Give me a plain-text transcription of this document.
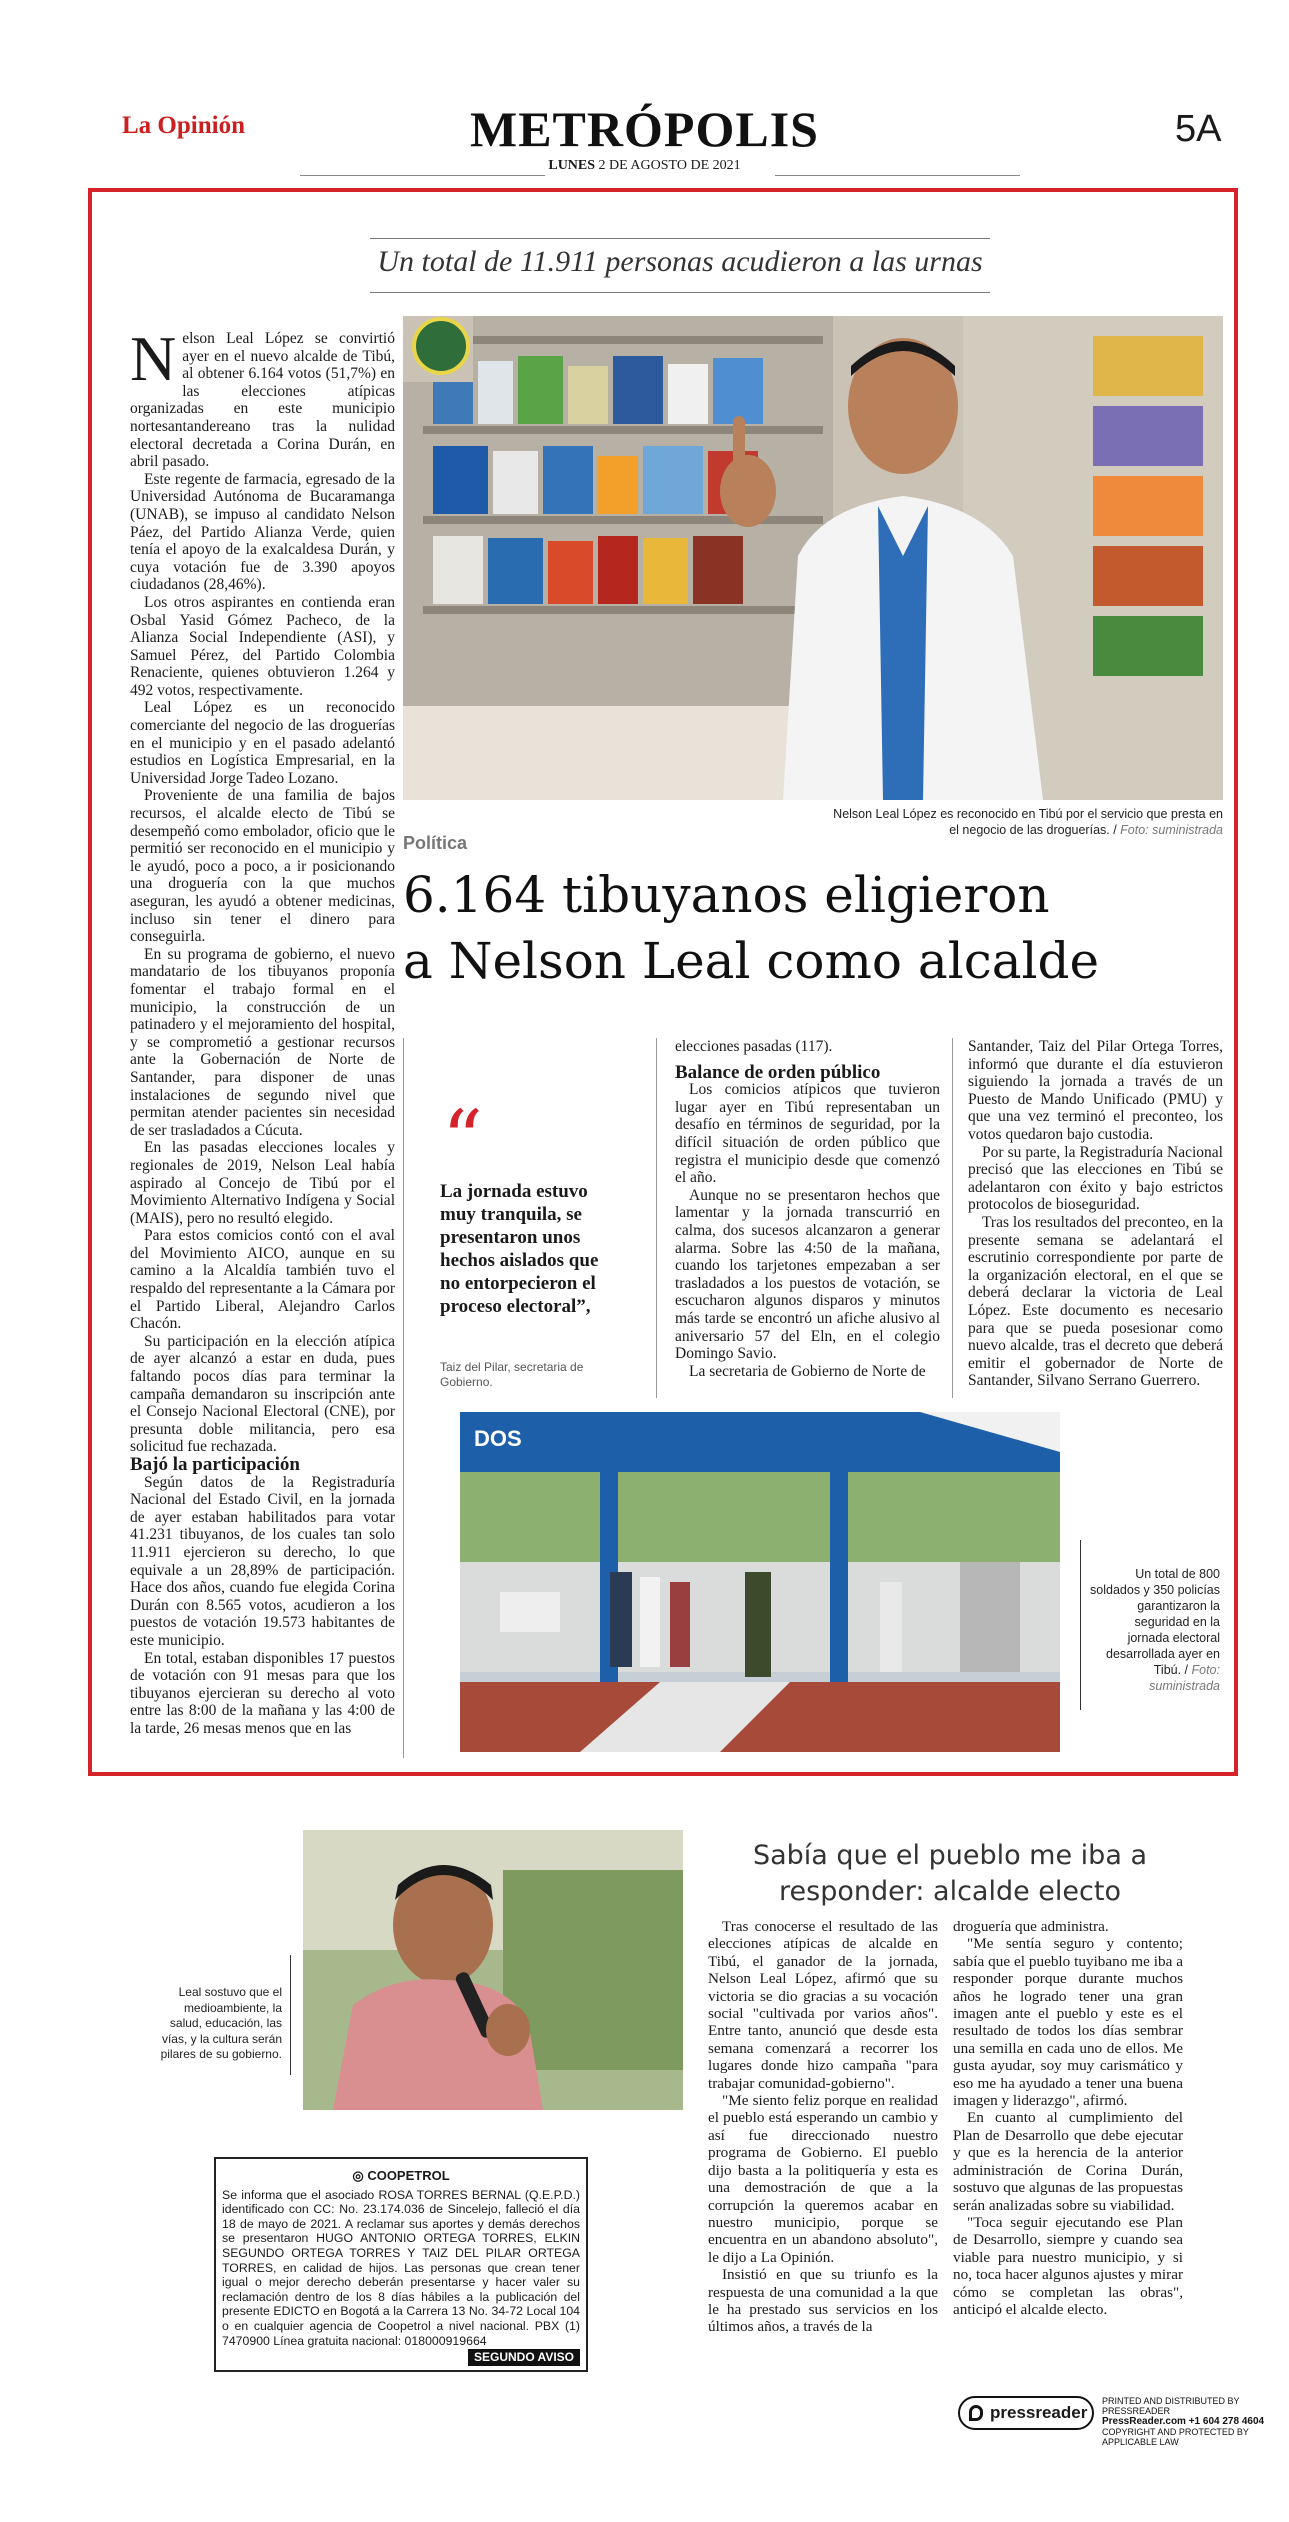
La Opinión	METRÓPOLIS
LUNES 2 DE AGOSTO DE 2021
5A
Un total de 11.911 personas acudieron a las urnas

Nelson Leal López se convirtió ayer en el nuevo alcalde de Tibú, al obtener 6.164 votos (51,7%) en las elecciones atípicas organizadas en este municipio nortesantandereano tras la nulidad electoral decretada a Corina Durán, en abril pasado.

Este regente de farmacia, egresado de la Universidad Autónoma de Bucaramanga (UNAB), se impuso al candidato Nelson Páez, del Partido Alianza Verde, quien tenía el apoyo de la exalcaldesa Durán, y cuya votación fue de 3.390 apoyos ciudadanos (28,46%).

Los otros aspirantes en contienda eran Osbal Yasid Gómez Pacheco, de la Alianza Social Independiente (ASI), y Samuel Pérez, del Partido Colombia Renaciente, quienes obtuvieron 1.264 y 492 votos, respectivamente.

Leal López es un reconocido comerciante del negocio de las droguerías en el municipio y en el pasado adelantó estudios en Logística Empresarial, en la Universidad Jorge Tadeo Lozano.

Proveniente de una familia de bajos recursos, el alcalde electo de Tibú se desempeñó como embolador, oficio que le permitió ser reconocido en el municipio y le ayudó, poco a poco, a ir posicionando una droguería con la que muchos aseguran, les ayudó a obtener medicinas, incluso sin tener el dinero para conseguirla.

En su programa de gobierno, el nuevo mandatario de los tibuyanos proponía fomentar el trabajo formal en el municipio, la construcción de un patinadero y el mejoramiento del hospital, y se comprometió a gestionar recursos ante la Gobernación de Norte de Santander, para disponer de unas instalaciones de segundo nivel que permitan atender pacientes sin necesidad de ser trasladados a Cúcuta.

En las pasadas elecciones locales y regionales de 2019, Nelson Leal había aspirado al Concejo de Tibú por el Movimiento Alternativo Indígena y Social (MAIS), pero no resultó elegido.

Para estos comicios contó con el aval del Movimiento AICO, aunque en su camino a la Alcaldía también tuvo el respaldo del representante a la Cámara por el Partido Liberal, Alejandro Carlos Chacón.

Su participación en la elección atípica de ayer alcanzó a estar en duda, pues faltando pocos días para terminar la campaña demandaron su inscripción ante el Consejo Nacional Electoral (CNE), por presunta doble militancia, pero esa solicitud fue rechazada.

Bajó la participación

Según datos de la Registraduría Nacional del Estado Civil, en la jornada de ayer estaban habilitados para votar 41.231 tibuyanos, de los cuales tan solo 11.911 ejercieron su derecho, lo que equivale a un 28,89% de participación. Hace dos años, cuando fue elegida Corina Durán con 8.565 votos, acudieron a los puestos de votación 19.573 habitantes de este municipio.

En total, estaban disponibles 17 puestos de votación con 91 mesas para que los tibuyanos ejercieran su derecho al voto entre las 8:00 de la mañana y las 4:00 de la tarde, 26 mesas menos que en las

Nelson Leal López es reconocido en Tibú por el servicio que presta en el negocio de las droguerías. / Foto: suministrada
Política
6.164 tibuyanos eligieron
a Nelson Leal como alcalde
“
La jornada estuvo muy tranquila, se presentaron unos hechos aislados que no entorpecieron el proceso electoral”,
Taiz del Pilar, secretaria de Gobierno.

elecciones pasadas (117).

Balance de orden público

Los comicios atípicos que tuvieron lugar ayer en Tibú representaban un desafío en términos de seguridad, por la difícil situación de orden público que registra el municipio desde que comenzó el año.

Aunque no se presentaron hechos que lamentar y la jornada transcurrió en calma, dos sucesos alcanzaron a generar alarma. Sobre las 4:50 de la mañana, cuando los tarjetones empezaban a ser trasladados a los puestos de votación, se escucharon algunos disparos y minutos más tarde se encontró un afiche alusivo al aniversario 57 del Eln, en el colegio Domingo Savio.

La secretaria de Gobierno de Norte de

Santander, Taiz del Pilar Ortega Torres, informó que durante el día estuvieron siguiendo la jornada a través de un Puesto de Mando Unificado (PMU) y que una vez terminó el preconteo, los votos quedaron bajo custodia.

Por su parte, la Registraduría Nacional precisó que las elecciones en Tibú se adelantaron con éxito y bajo estrictos protocolos de bioseguridad.

Tras los resultados del preconteo, en la presente semana se adelantará el escrutinio correspondiente por parte de la organización electoral, en el que se deberá declarar la victoria de Leal López. Este documento es necesario para que se pueda posesionar como nuevo alcalde, tras el decreto que deberá emitir el gobernador de Norte de Santander, Silvano Serrano Guerrero.

DOS
Un total de 800 soldados y 350 policías garantizaron la seguridad en la jornada electoral desarrollada ayer en Tibú. / Foto: suministrada
Leal sostuvo que el medioambiente, la salud, educación, las vías, y la cultura serán pilares de su gobierno.
Sabía que el pueblo me iba a responder: alcalde electo

Tras conocerse el resultado de las elecciones atípicas de alcalde en Tibú, el ganador de la jornada, Nelson Leal López, afirmó que su victoria se dio gracias a su vocación social "cultivada por varios años". Entre tanto, anunció que desde esta semana comenzará a recorrer los lugares donde hizo campaña "para trabajar comunidad-gobierno".

"Me siento feliz porque en realidad el pueblo está esperando un cambio y así fue direccionado nuestro programa de Gobierno. El pueblo dijo basta a la politiquería y esta es una demostración de que a la corrupción la queremos acabar en nuestro municipio, porque se encuentra en un abandono absoluto", le dijo a La Opinión.

Insistió en que su triunfo es la respuesta de una comunidad a la que le ha prestado sus servicios en los últimos años, a través de la

droguería que administra.

"Me sentía seguro y contento; sabía que el pueblo tuyibano me iba a responder porque durante muchos años he logrado tener una gran imagen ante el pueblo y este es el resultado de todos los días sembrar una semilla en cada uno de ellos. Me gusta ayudar, soy muy carismático y eso me ha ayudado a tener una buena imagen y liderazgo", afirmó.

En cuanto al cumplimiento del Plan de Desarrollo que debe ejecutar y que es la herencia de la anterior administración de Corina Durán, sostuvo que algunas de las propuestas serán analizadas sobre su viabilidad.

"Toca seguir ejecutando ese Plan de Desarrollo, siempre y cuando sea viable para nuestro municipio, y si no, toca hacer algunos ajustes y mirar cómo se completan las obras", anticipó el alcalde electo.

◎ COOPETROL
Se informa que el asociado ROSA TORRES BERNAL (Q.E.P.D.) identificado con CC: No. 23.174.036 de Sincelejo, falleció el día 18 de mayo de 2021. A reclamar sus aportes y demás derechos se presentaron HUGO ANTONIO ORTEGA TORRES, ELKIN SEGUNDO ORTEGA TORRES Y TAIZ DEL PILAR ORTEGA TORRES, en calidad de hijos. Las personas que crean tener igual o mejor derecho deberán presentarse y hacer valer su reclamación dentro de los 8 días hábiles a la publicación del presente EDICTO en Bogotá a la Carrera 13 No. 34-72 Local 104 o en cualquier agencia de Coopetrol a nivel nacional. PBX (1) 7470900 Línea gratuita nacional: 018000919664
SEGUNDO AVISO
pressreader
PRINTED AND DISTRIBUTED BY PRESSREADER
PressReader.com +1 604 278 4604
COPYRIGHT AND PROTECTED BY APPLICABLE LAW
